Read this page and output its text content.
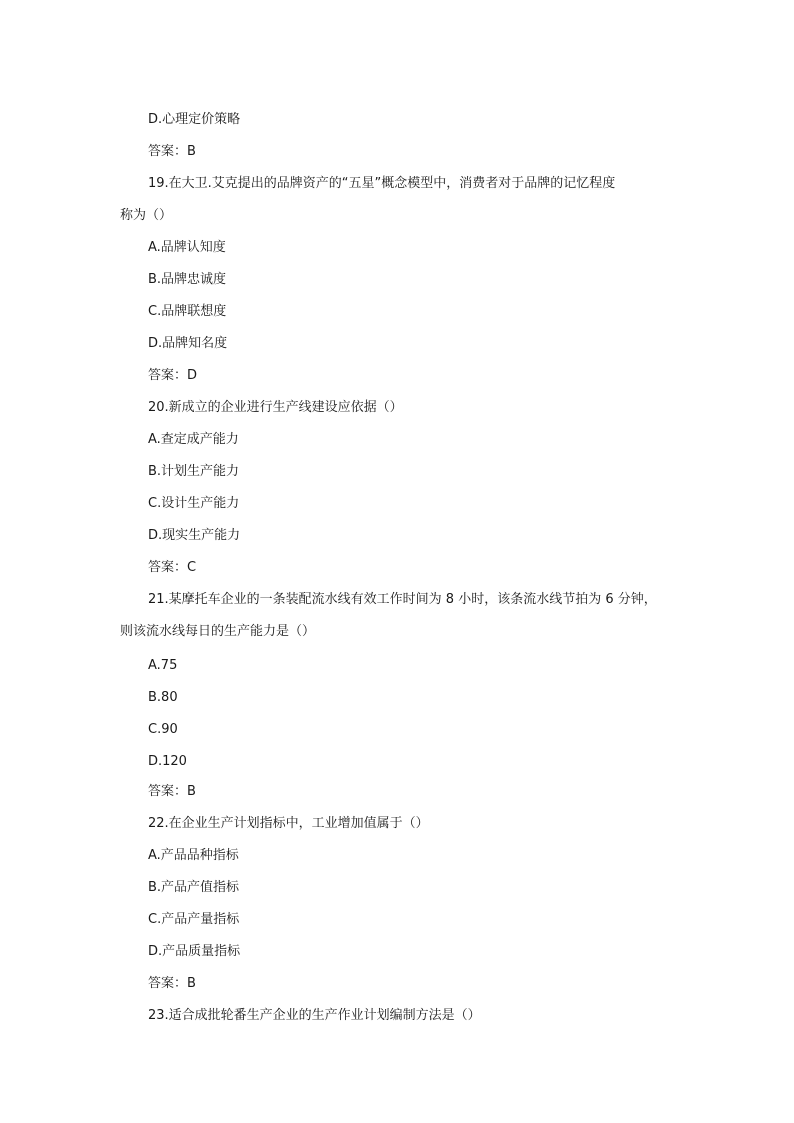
D.心理定价策略
答案：B
19.在大卫.艾克提出的品牌资产的“五星”概念模型中，消费者对于品牌的记忆程度
称为（）
A.品牌认知度
B.品牌忠诚度
C.品牌联想度
D.品牌知名度
答案：D
20.新成立的企业进行生产线建设应依据（）
A.查定成产能力
B.计划生产能力
C.设计生产能力
D.现实生产能力
答案：C
21.某摩托车企业的一条装配流水线有效工作时间为 8 小时，该条流水线节拍为 6 分钟，
则该流水线每日的生产能力是（）
A.75
B.80
C.90
D.120
答案：B
22.在企业生产计划指标中，工业增加值属于（）
A.产品品种指标
B.产品产值指标
C.产品产量指标
D.产品质量指标
答案：B
23.适合成批轮番生产企业的生产作业计划编制方法是（）
